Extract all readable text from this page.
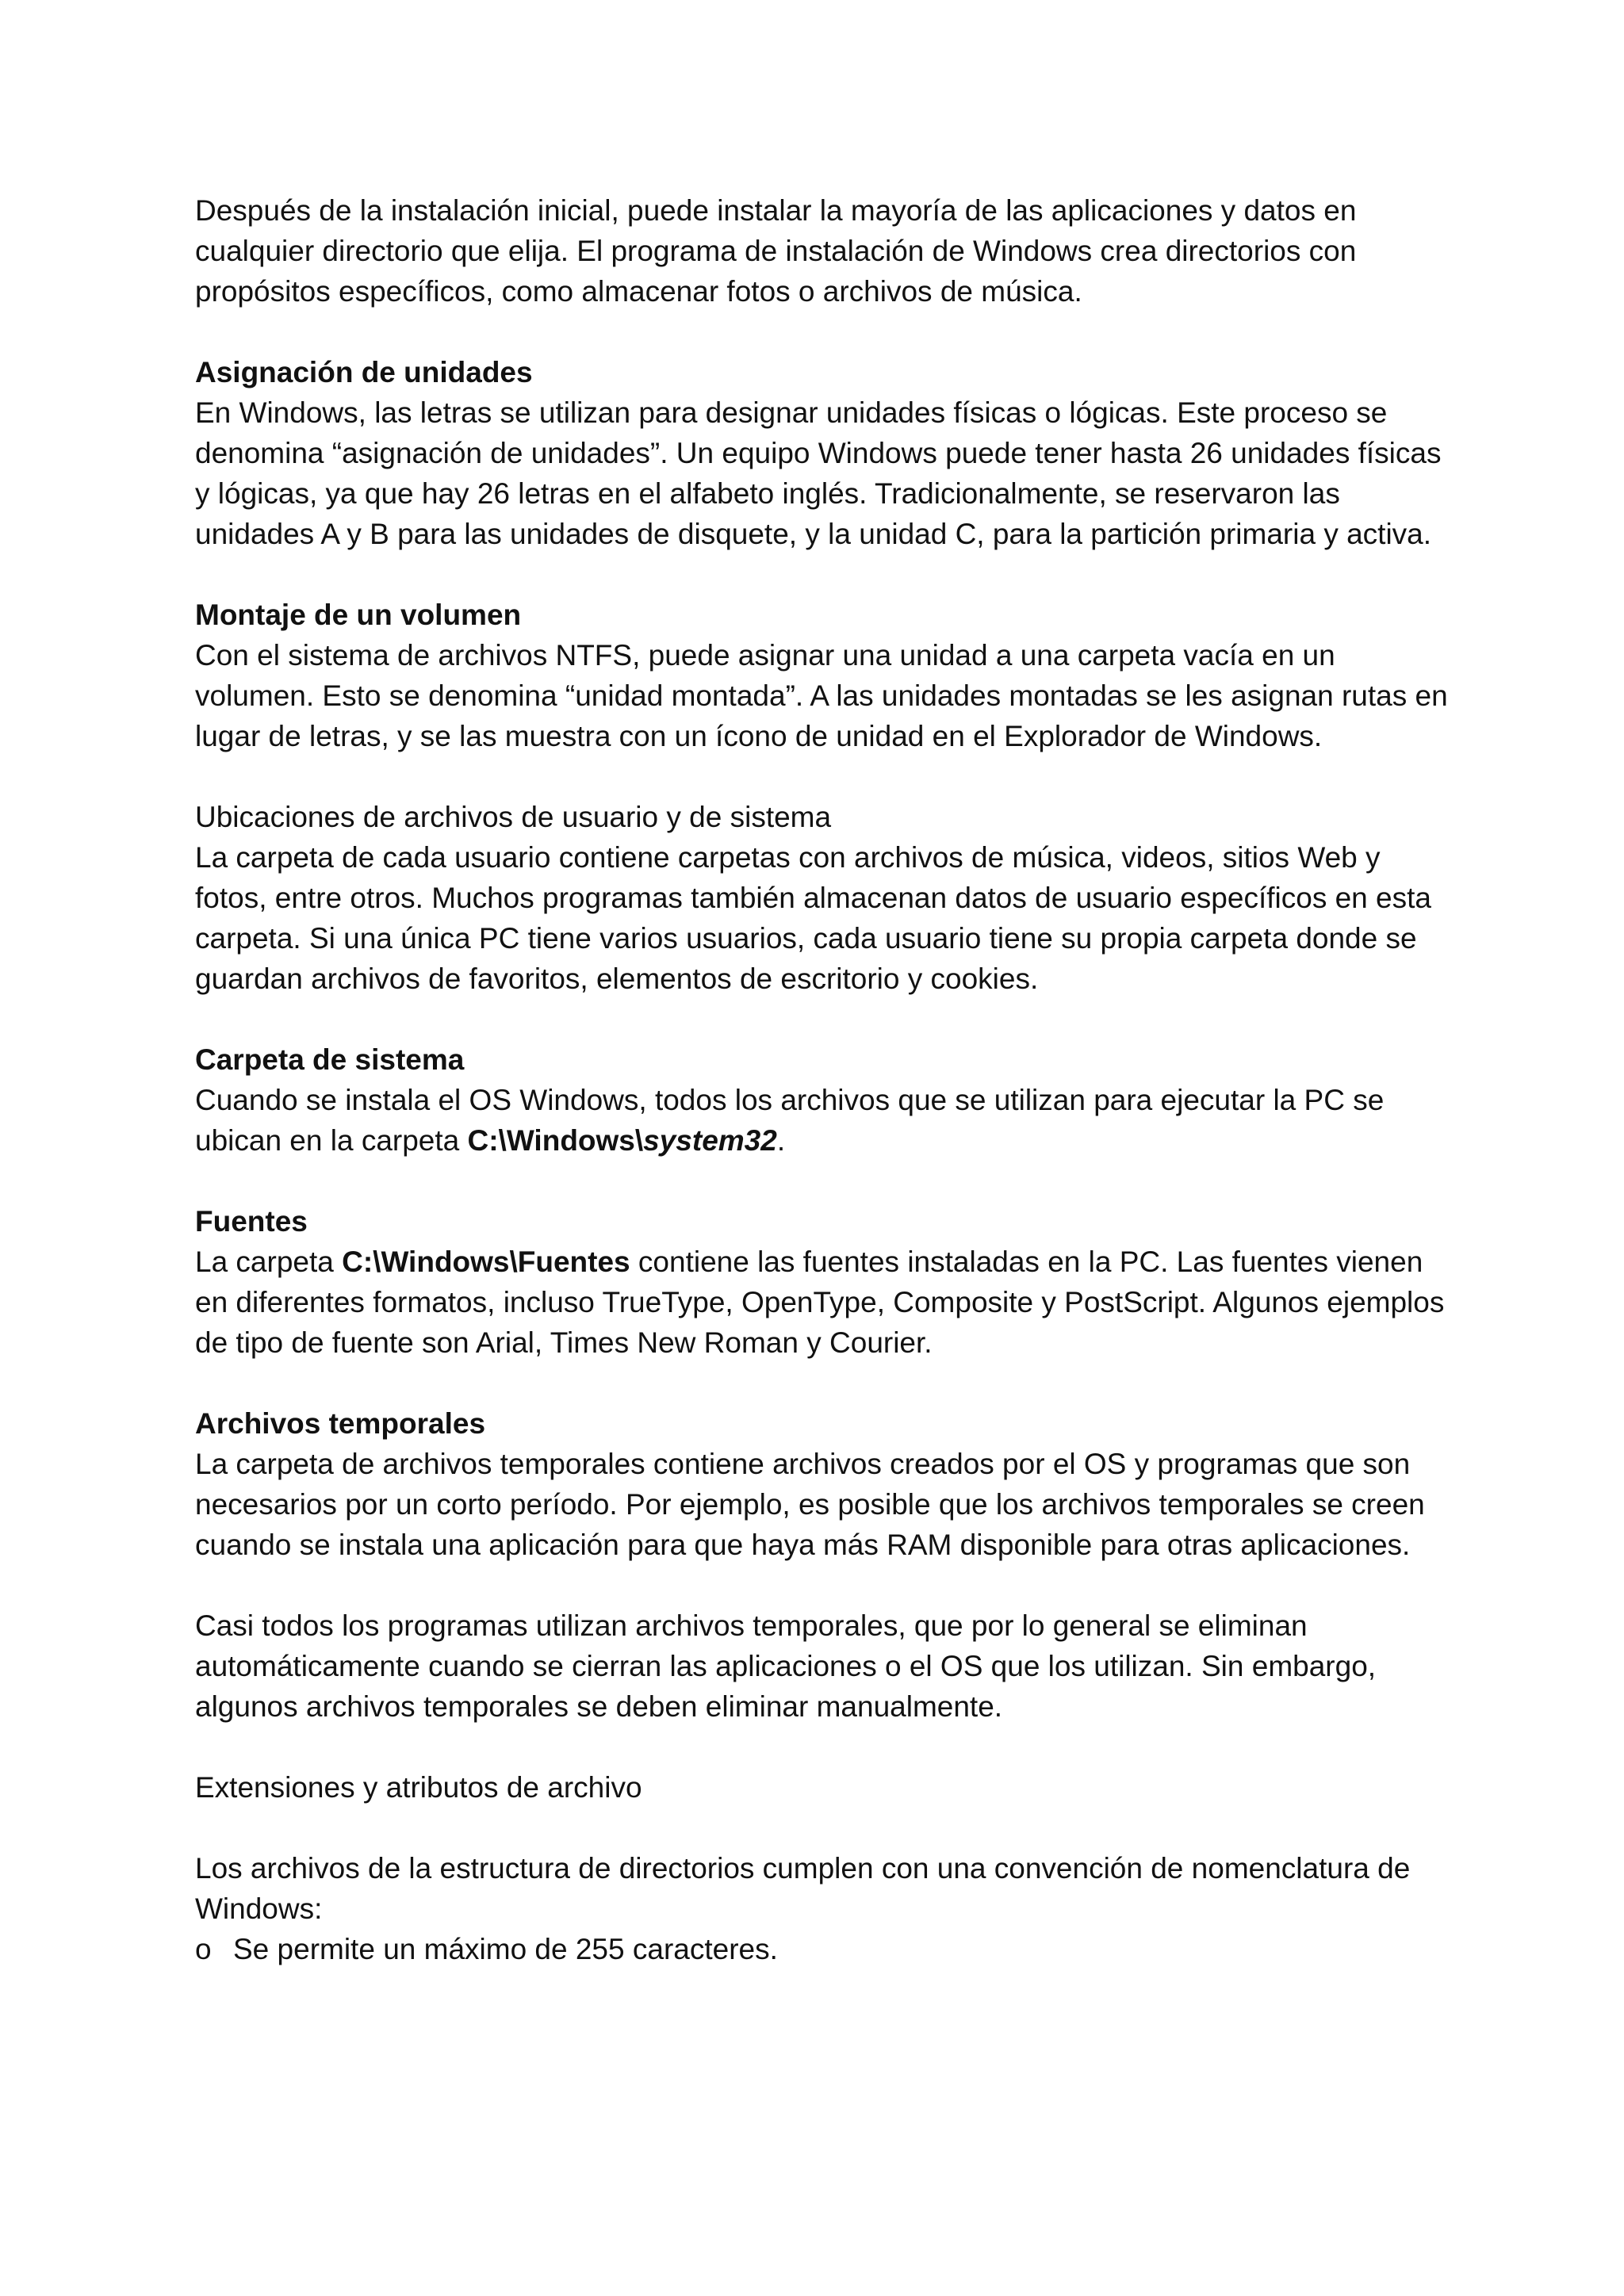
Después de la instalación inicial, puede instalar la mayoría de las aplicaciones y datos en cualquier directorio que elija. El programa de instalación de Windows crea directorios con propósitos específicos, como almacenar fotos o archivos de música.

Asignación de unidades
En Windows, las letras se utilizan para designar unidades físicas o lógicas. Este proceso se denomina “asignación de unidades”. Un equipo Windows puede tener hasta 26 unidades físicas y lógicas, ya que hay 26 letras en el alfabeto inglés. Tradicionalmente, se reservaron las unidades A y B para las unidades de disquete, y la unidad C, para la partición primaria y activa.
Montaje de un volumen
Con el sistema de archivos NTFS, puede asignar una unidad a una carpeta vacía en un volumen. Esto se denomina “unidad montada”. A las unidades montadas se les asignan rutas en lugar de letras, y se las muestra con un ícono de unidad en el Explorador de Windows.
Ubicaciones de archivos de usuario y de sistema
La carpeta de cada usuario contiene carpetas con archivos de música, videos, sitios Web y fotos, entre otros. Muchos programas también almacenan datos de usuario específicos en esta carpeta. Si una única PC tiene varios usuarios, cada usuario tiene su propia carpeta donde se guardan archivos de favoritos, elementos de escritorio y cookies.
Carpeta de sistema
Cuando se instala el OS Windows, todos los archivos que se utilizan para ejecutar la PC se ubican en la carpeta C:\Windows\system32.
Fuentes
La carpeta C:\Windows\Fuentes contiene las fuentes instaladas en la PC. Las fuentes vienen en diferentes formatos, incluso TrueType, OpenType, Composite y PostScript. Algunos ejemplos de tipo de fuente son Arial, Times New Roman y Courier.
Archivos temporales
La carpeta de archivos temporales contiene archivos creados por el OS y programas que son necesarios por un corto período. Por ejemplo, es posible que los archivos temporales se creen cuando se instala una aplicación para que haya más RAM disponible para otras aplicaciones.

Casi todos los programas utilizan archivos temporales, que por lo general se eliminan automáticamente cuando se cierran las aplicaciones o el OS que los utilizan. Sin embargo, algunos archivos temporales se deben eliminar manualmente.

Extensiones y atributos de archivo

Los archivos de la estructura de directorios cumplen con una convención de nomenclatura de Windows:
o Se permite un máximo de 255 caracteres.
